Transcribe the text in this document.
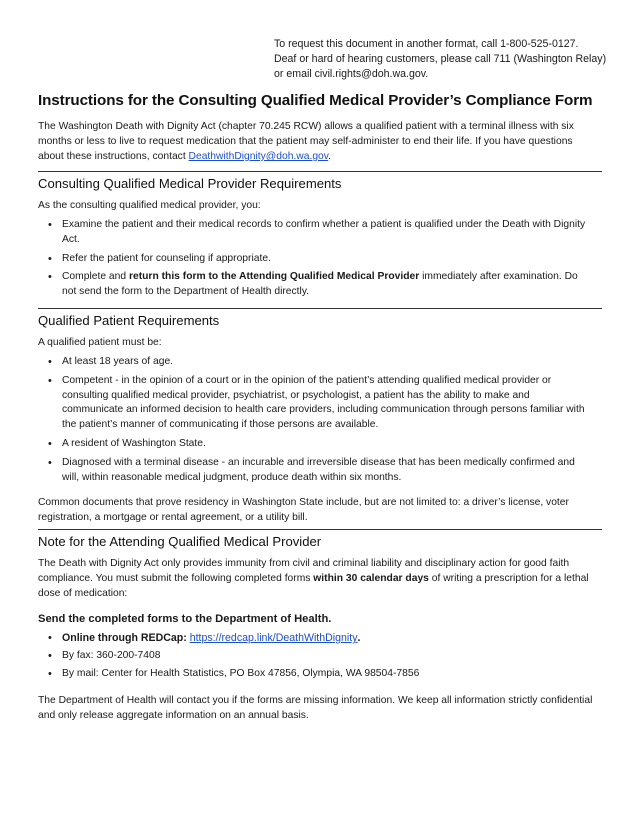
To request this document in another format, call 1-800-525-0127.
Deaf or hard of hearing customers, please call 711 (Washington Relay)
or email civil.rights@doh.wa.gov.
Instructions for the Consulting Qualified Medical Provider’s Compliance Form

The Washington Death with Dignity Act (chapter 70.245 RCW) allows a qualified patient with a terminal illness with six months or less to live to request medication that the patient may self-administer to end their life. If you have questions about these instructions, contact DeathwithDignity@doh.wa.gov.

Consulting Qualified Medical Provider Requirements

As the consulting qualified medical provider, you:

• Examine the patient and their medical records to confirm whether a patient is qualified under the Death with Dignity Act.
• Refer the patient for counseling if appropriate.
• Complete and return this form to the Attending Qualified Medical Provider immediately after examination. Do not send the form to the Department of Health directly.
Qualified Patient Requirements

A qualified patient must be:

• At least 18 years of age.
• Competent - in the opinion of a court or in the opinion of the patient’s attending qualified medical provider or consulting qualified medical provider, psychiatrist, or psychologist, a patient has the ability to make and communicate an informed decision to health care providers, including communication through persons familiar with the patient’s manner of communicating if those persons are available.
• A resident of Washington State.
• Diagnosed with a terminal disease - an incurable and irreversible disease that has been medically confirmed and will, within reasonable medical judgment, produce death within six months.

Common documents that prove residency in Washington State include, but are not limited to: a driver’s license, voter registration, a mortgage or rental agreement, or a utility bill.

Note for the Attending Qualified Medical Provider

The Death with Dignity Act only provides immunity from civil and criminal liability and disciplinary action for good faith compliance. You must submit the following completed forms within 30 calendar days of writing a prescription for a lethal dose of medication:

Send the completed forms to the Department of Health.
• Online through REDCap: https://redcap.link/DeathWithDignity.
• By fax: 360-200-7408
• By mail: Center for Health Statistics, PO Box 47856, Olympia, WA 98504-7856

The Department of Health will contact you if the forms are missing information. We keep all information strictly confidential and only release aggregate information on an annual basis.
